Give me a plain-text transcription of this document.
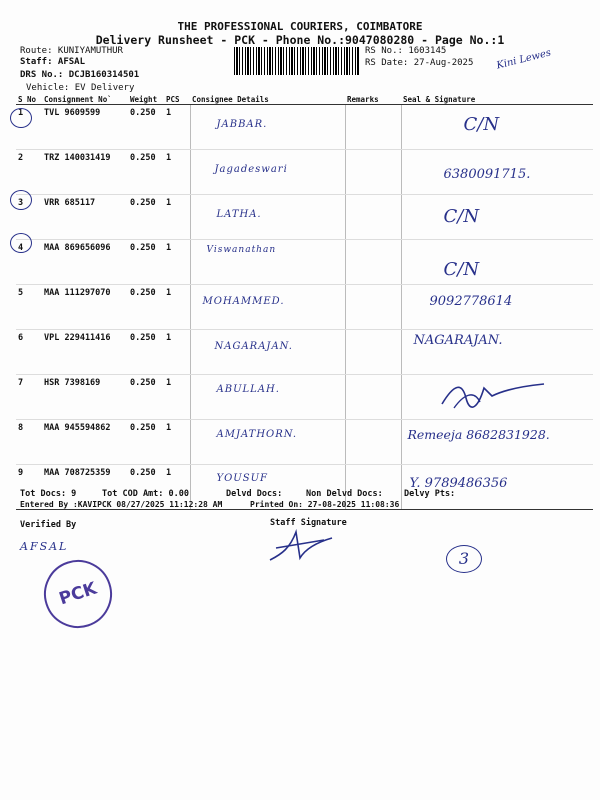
THE PROFESSIONAL COURIERS, COIMBATORE
Delivery Runsheet - PCK - Phone No.:9047080280 - Page No.:1
Route: KUNIYAMUTHUR
Staff: AFSAL
DRS No.: DCJB160314501
Vehicle: EV Delivery
RS No.: 1603145
RS Date: 27-Aug-2025 Kini Lewes
S No	Consignment No`	Weight	PCS	Consignee Details	Remarks	Seal & Signature
1	TVL 9609599	0.250	1	JABBAR.		C/N
2	TRZ 140031419	0.250	1	Jagadeswari		6380091715.
3	VRR 685117	0.250	1	LATHA.		C/N
4	MAA 869656096	0.250	1	Viswanathan		C/N
5	MAA 111297070	0.250	1	MOHAMMED.		9092778614
6	VPL 229411416	0.250	1	NAGARAJAN.		NAGARAJAN.
7	HSR 7398169	0.250	1	ABULLAH.		
8	MAA 945594862	0.250	1	AMJATHORN.		Remeeja 8682831928.
9	MAA 708725359	0.250	1	YOUSUF		Y. 9789486356
Tot Docs: 9	Tot COD Amt: 0.00	Delvd Docs:	Non Delvd Docs: Delvy Pts:
Entered By :KAVIPCK 08/27/2025 11:12:28 AM	Printed On: 27-08-2025 11:08:36
Verified By	Staff Signature
AFSAL
PCK
3
